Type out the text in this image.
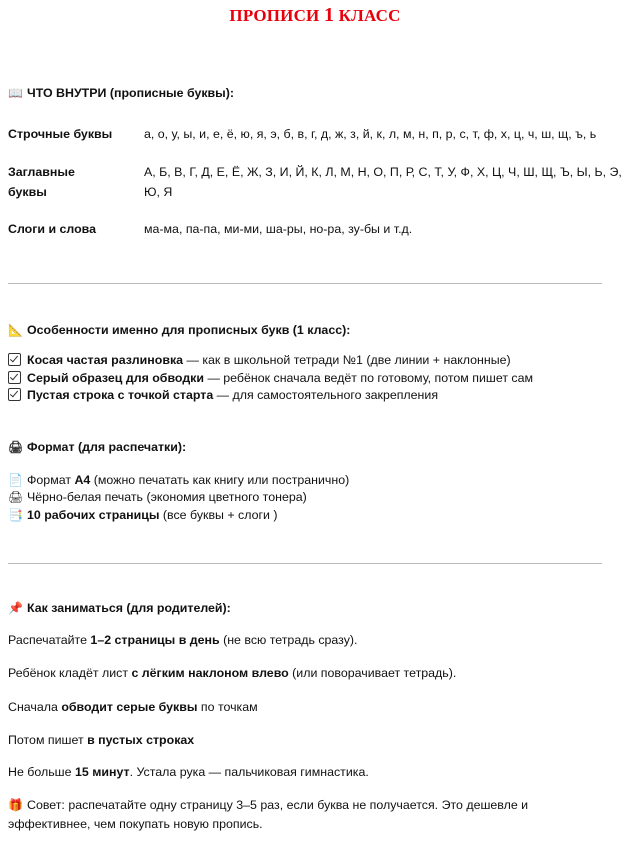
ПРОПИСИ 1 КЛАСС
📖 ЧТО ВНУТРИ (прописные буквы):
Строчные буквы	а, о, у, ы, и, е, ё, ю, я, э, б, в, г, д, ж, з, й, к, л, м, н, п, р, с, т, ф, х, ц, ч, ш, щ, ъ, ь
Заглавные буквы
А, Б, В, Г, Д, Е, Ё, Ж, З, И, Й, К, Л, М, Н, О, П, Р, С, Т, У, Ф, Х, Ц, Ч, Ш, Щ, Ъ, Ы, Ь, Э, Ю, Я
Слоги и слова	ма-ма, па-па, ми-ми, ша-ры, но-ра, зу-бы и т.д.
📐 Особенности именно для прописных букв (1 класс):
Косая частая разлиновка — как в школьной тетради №1 (две линии + наклонные)
Серый образец для обводки — ребёнок сначала ведёт по готовому, потом пишет сам
Пустая строка с точкой старта — для самостоятельного закрепления
🖨 Формат (для распечатки):
📄 Формат А4 (можно печатать как книгу или постранично)
🖨 Чёрно-белая печать (экономия цветного тонера)
📑 10 рабочих страницы (все буквы + слоги )
📌 Как заниматься (для родителей):
Распечатайте 1–2 страницы в день (не всю тетрадь сразу).
Ребёнок кладёт лист с лёгким наклоном влево (или поворачивает тетрадь).
Сначала обводит серые буквы по точкам
Потом пишет в пустых строках
Не больше 15 минут. Устала рука — пальчиковая гимнастика.
🎁 Совет: распечатайте одну страницу 3–5 раз, если буква не получается. Это дешевле и эффективнее, чем покупать новую пропись.
